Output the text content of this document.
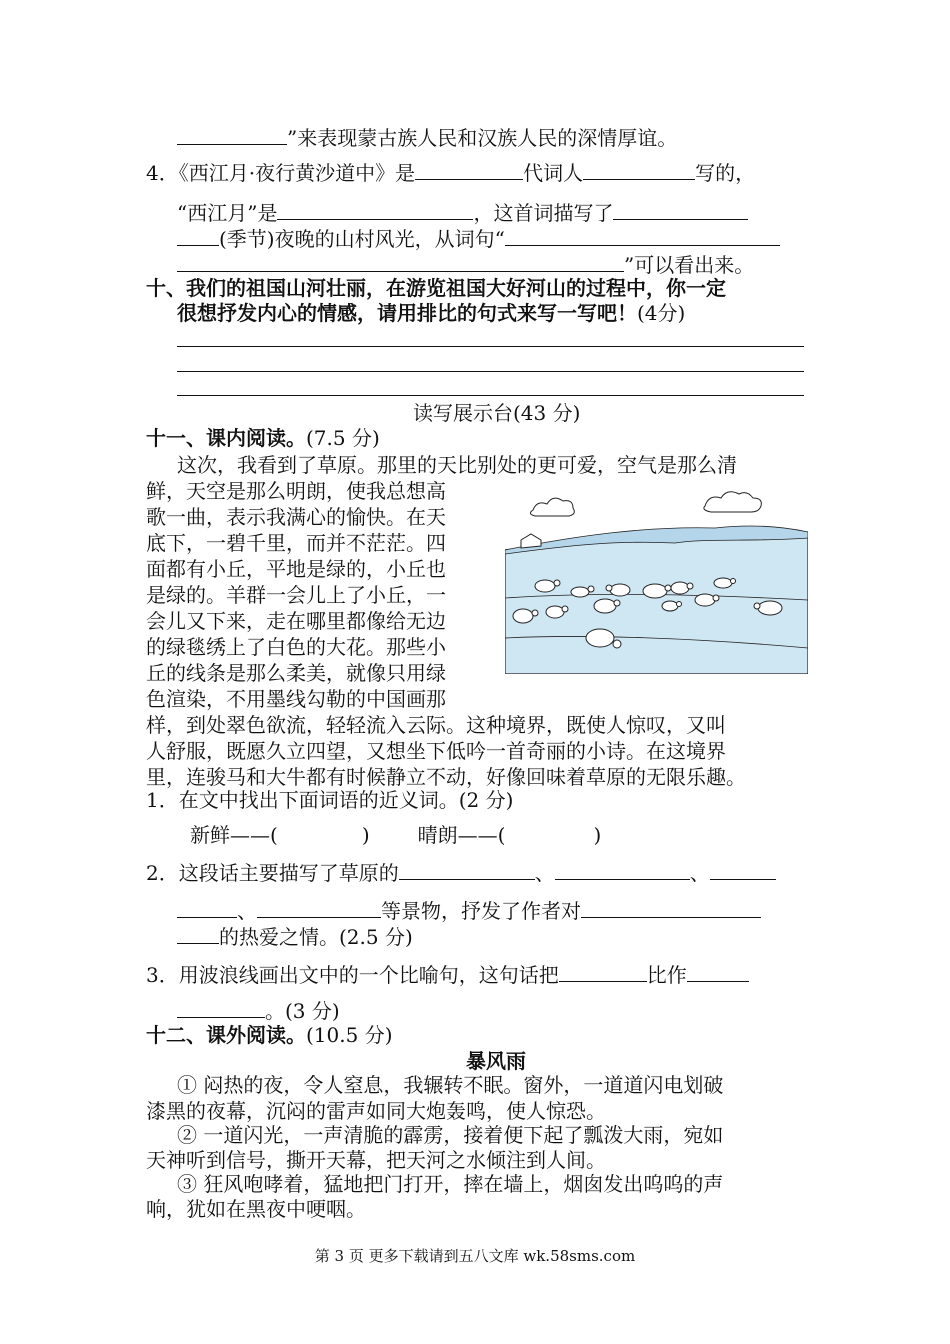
”来表现蒙古族人民和汉族人民的深情厚谊。
4．《西江月·夜行黄沙道中》是	代词人	写的，
“西江月”是	，这首词描写了
(季节)夜晚的山村风光，从词句“
”可以看出来。
十、我们的祖国山河壮丽，在游览祖国大好河山的过程中，你一定
很想抒发内心的情感，请用排比的句式来写一写吧！(4分)
读写展示台(43 分)
十一、课内阅读。(7.5 分)
这次，我看到了草原。那里的天比别处的更可爱，空气是那么清
鲜，天空是那么明朗，使我总想高
歌一曲，表示我满心的愉快。在天
底下，一碧千里，而并不茫茫。四
面都有小丘，平地是绿的，小丘也
是绿的。羊群一会儿上了小丘，一
会儿又下来，走在哪里都像给无边
的绿毯绣上了白色的大花。那些小
丘的线条是那么柔美，就像只用绿
色渲染，不用墨线勾勒的中国画那
样，到处翠色欲流，轻轻流入云际。这种境界，既使人惊叹，又叫
人舒服，既愿久立四望，又想坐下低吟一首奇丽的小诗。在这境界
里，连骏马和大牛都有时候静立不动，好像回味着草原的无限乐趣。
1．在文中找出下面词语的近义词。(2 分)
新鲜——(	) 晴朗——(	)
2．这段话主要描写了草原的	、	、
、	等景物，抒发了作者对
的热爱之情。(2.5 分)
3．用波浪线画出文中的一个比喻句，这句话把	比作
。(3 分)
十二、课外阅读。(10.5 分)
暴风雨
① 闷热的夜，令人窒息，我辗转不眠。窗外，一道道闪电划破
漆黑的夜幕，沉闷的雷声如同大炮轰鸣，使人惊恐。
② 一道闪光，一声清脆的霹雳，接着便下起了瓢泼大雨，宛如
天神听到信号，撕开天幕，把天河之水倾注到人间。
③ 狂风咆哮着，猛地把门打开，摔在墙上，烟囱发出呜呜的声
响，犹如在黑夜中哽咽。
第 3 页 更多下载请到五八文库 wk.58sms.com
